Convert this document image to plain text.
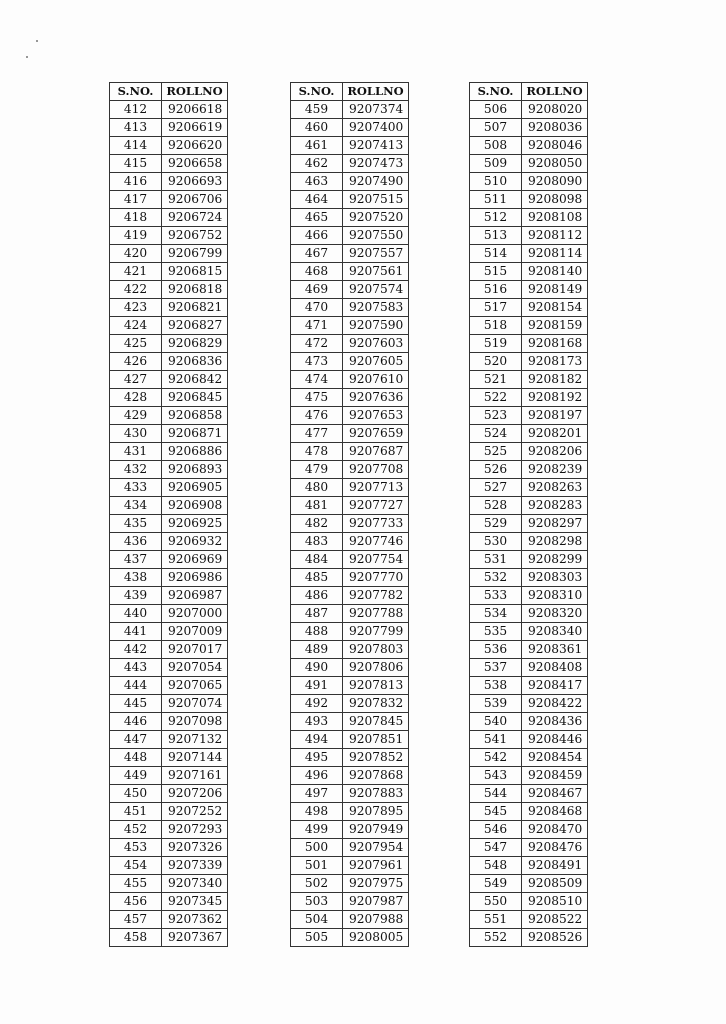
S.NO.	ROLLNO
412	9206618
413	9206619
414	9206620
415	9206658
416	9206693
417	9206706
418	9206724
419	9206752
420	9206799
421	9206815
422	9206818
423	9206821
424	9206827
425	9206829
426	9206836
427	9206842
428	9206845
429	9206858
430	9206871
431	9206886
432	9206893
433	9206905
434	9206908
435	9206925
436	9206932
437	9206969
438	9206986
439	9206987
440	9207000
441	9207009
442	9207017
443	9207054
444	9207065
445	9207074
446	9207098
447	9207132
448	9207144
449	9207161
450	9207206
451	9207252
452	9207293
453	9207326
454	9207339
455	9207340
456	9207345
457	9207362
458	9207367
S.NO.	ROLLNO
459	9207374
460	9207400
461	9207413
462	9207473
463	9207490
464	9207515
465	9207520
466	9207550
467	9207557
468	9207561
469	9207574
470	9207583
471	9207590
472	9207603
473	9207605
474	9207610
475	9207636
476	9207653
477	9207659
478	9207687
479	9207708
480	9207713
481	9207727
482	9207733
483	9207746
484	9207754
485	9207770
486	9207782
487	9207788
488	9207799
489	9207803
490	9207806
491	9207813
492	9207832
493	9207845
494	9207851
495	9207852
496	9207868
497	9207883
498	9207895
499	9207949
500	9207954
501	9207961
502	9207975
503	9207987
504	9207988
505	9208005
S.NO.	ROLLNO
506	9208020
507	9208036
508	9208046
509	9208050
510	9208090
511	9208098
512	9208108
513	9208112
514	9208114
515	9208140
516	9208149
517	9208154
518	9208159
519	9208168
520	9208173
521	9208182
522	9208192
523	9208197
524	9208201
525	9208206
526	9208239
527	9208263
528	9208283
529	9208297
530	9208298
531	9208299
532	9208303
533	9208310
534	9208320
535	9208340
536	9208361
537	9208408
538	9208417
539	9208422
540	9208436
541	9208446
542	9208454
543	9208459
544	9208467
545	9208468
546	9208470
547	9208476
548	9208491
549	9208509
550	9208510
551	9208522
552	9208526
